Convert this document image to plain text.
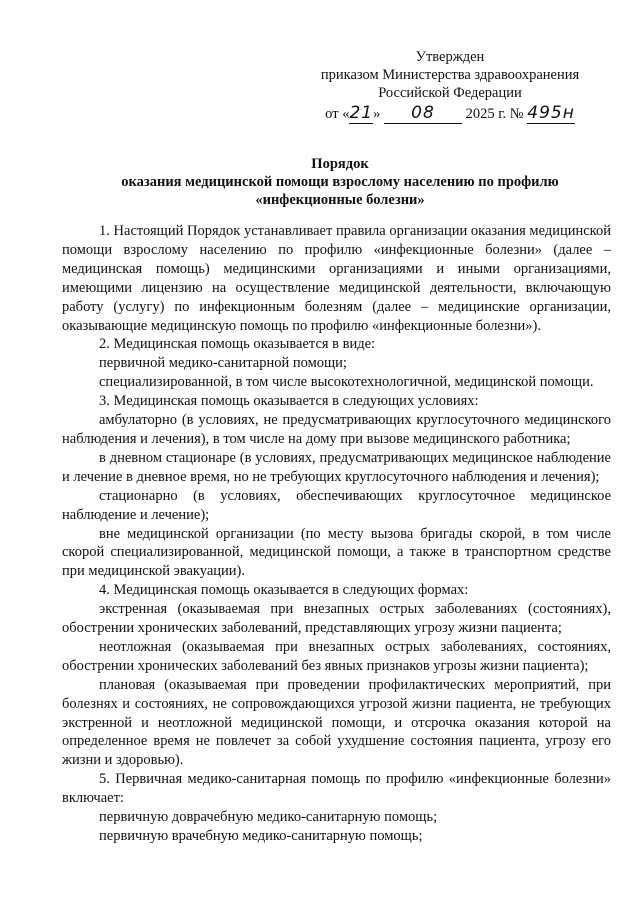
Утвержден
приказом Министерства здравоохранения
Российской Федерации
от «21» 08 2025 г. № 495н
Порядок
оказания медицинской помощи взрослому населению по профилю
«инфекционные болезни»

1. Настоящий Порядок устанавливает правила организации оказания медицинской помощи взрослому населению по профилю «инфекционные болезни» (далее – медицинская помощь) медицинскими организациями и иными организациями, имеющими лицензию на осуществление медицинской деятельности, включающую работу (услугу) по инфекционным болезням (далее – медицинские организации, оказывающие медицинскую помощь по профилю «инфекционные болезни»).

2. Медицинская помощь оказывается в виде:

первичной медико-санитарной помощи;

специализированной, в том числе высокотехнологичной, медицинской помощи.

3. Медицинская помощь оказывается в следующих условиях:

амбулаторно (в условиях, не предусматривающих круглосуточного медицинского наблюдения и лечения), в том числе на дому при вызове медицинского работника;

в дневном стационаре (в условиях, предусматривающих медицинское наблюдение и лечение в дневное время, но не требующих круглосуточного наблюдения и лечения);

стационарно (в условиях, обеспечивающих круглосуточное медицинское наблюдение и лечение);

вне медицинской организации (по месту вызова бригады скорой, в том числе скорой специализированной, медицинской помощи, а также в транспортном средстве при медицинской эвакуации).

4. Медицинская помощь оказывается в следующих формах:

экстренная (оказываемая при внезапных острых заболеваниях (состояниях), обострении хронических заболеваний, представляющих угрозу жизни пациента;

неотложная (оказываемая при внезапных острых заболеваниях, состояниях, обострении хронических заболеваний без явных признаков угрозы жизни пациента);

плановая (оказываемая при проведении профилактических мероприятий, при болезнях и состояниях, не сопровождающихся угрозой жизни пациента, не требующих экстренной и неотложной медицинской помощи, и отсрочка оказания которой на определенное время не повлечет за собой ухудшение состояния пациента, угрозу его жизни и здоровью).

5. Первичная медико-санитарная помощь по профилю «инфекционные болезни» включает:

первичную доврачебную медико-санитарную помощь;

первичную врачебную медико-санитарную помощь;
